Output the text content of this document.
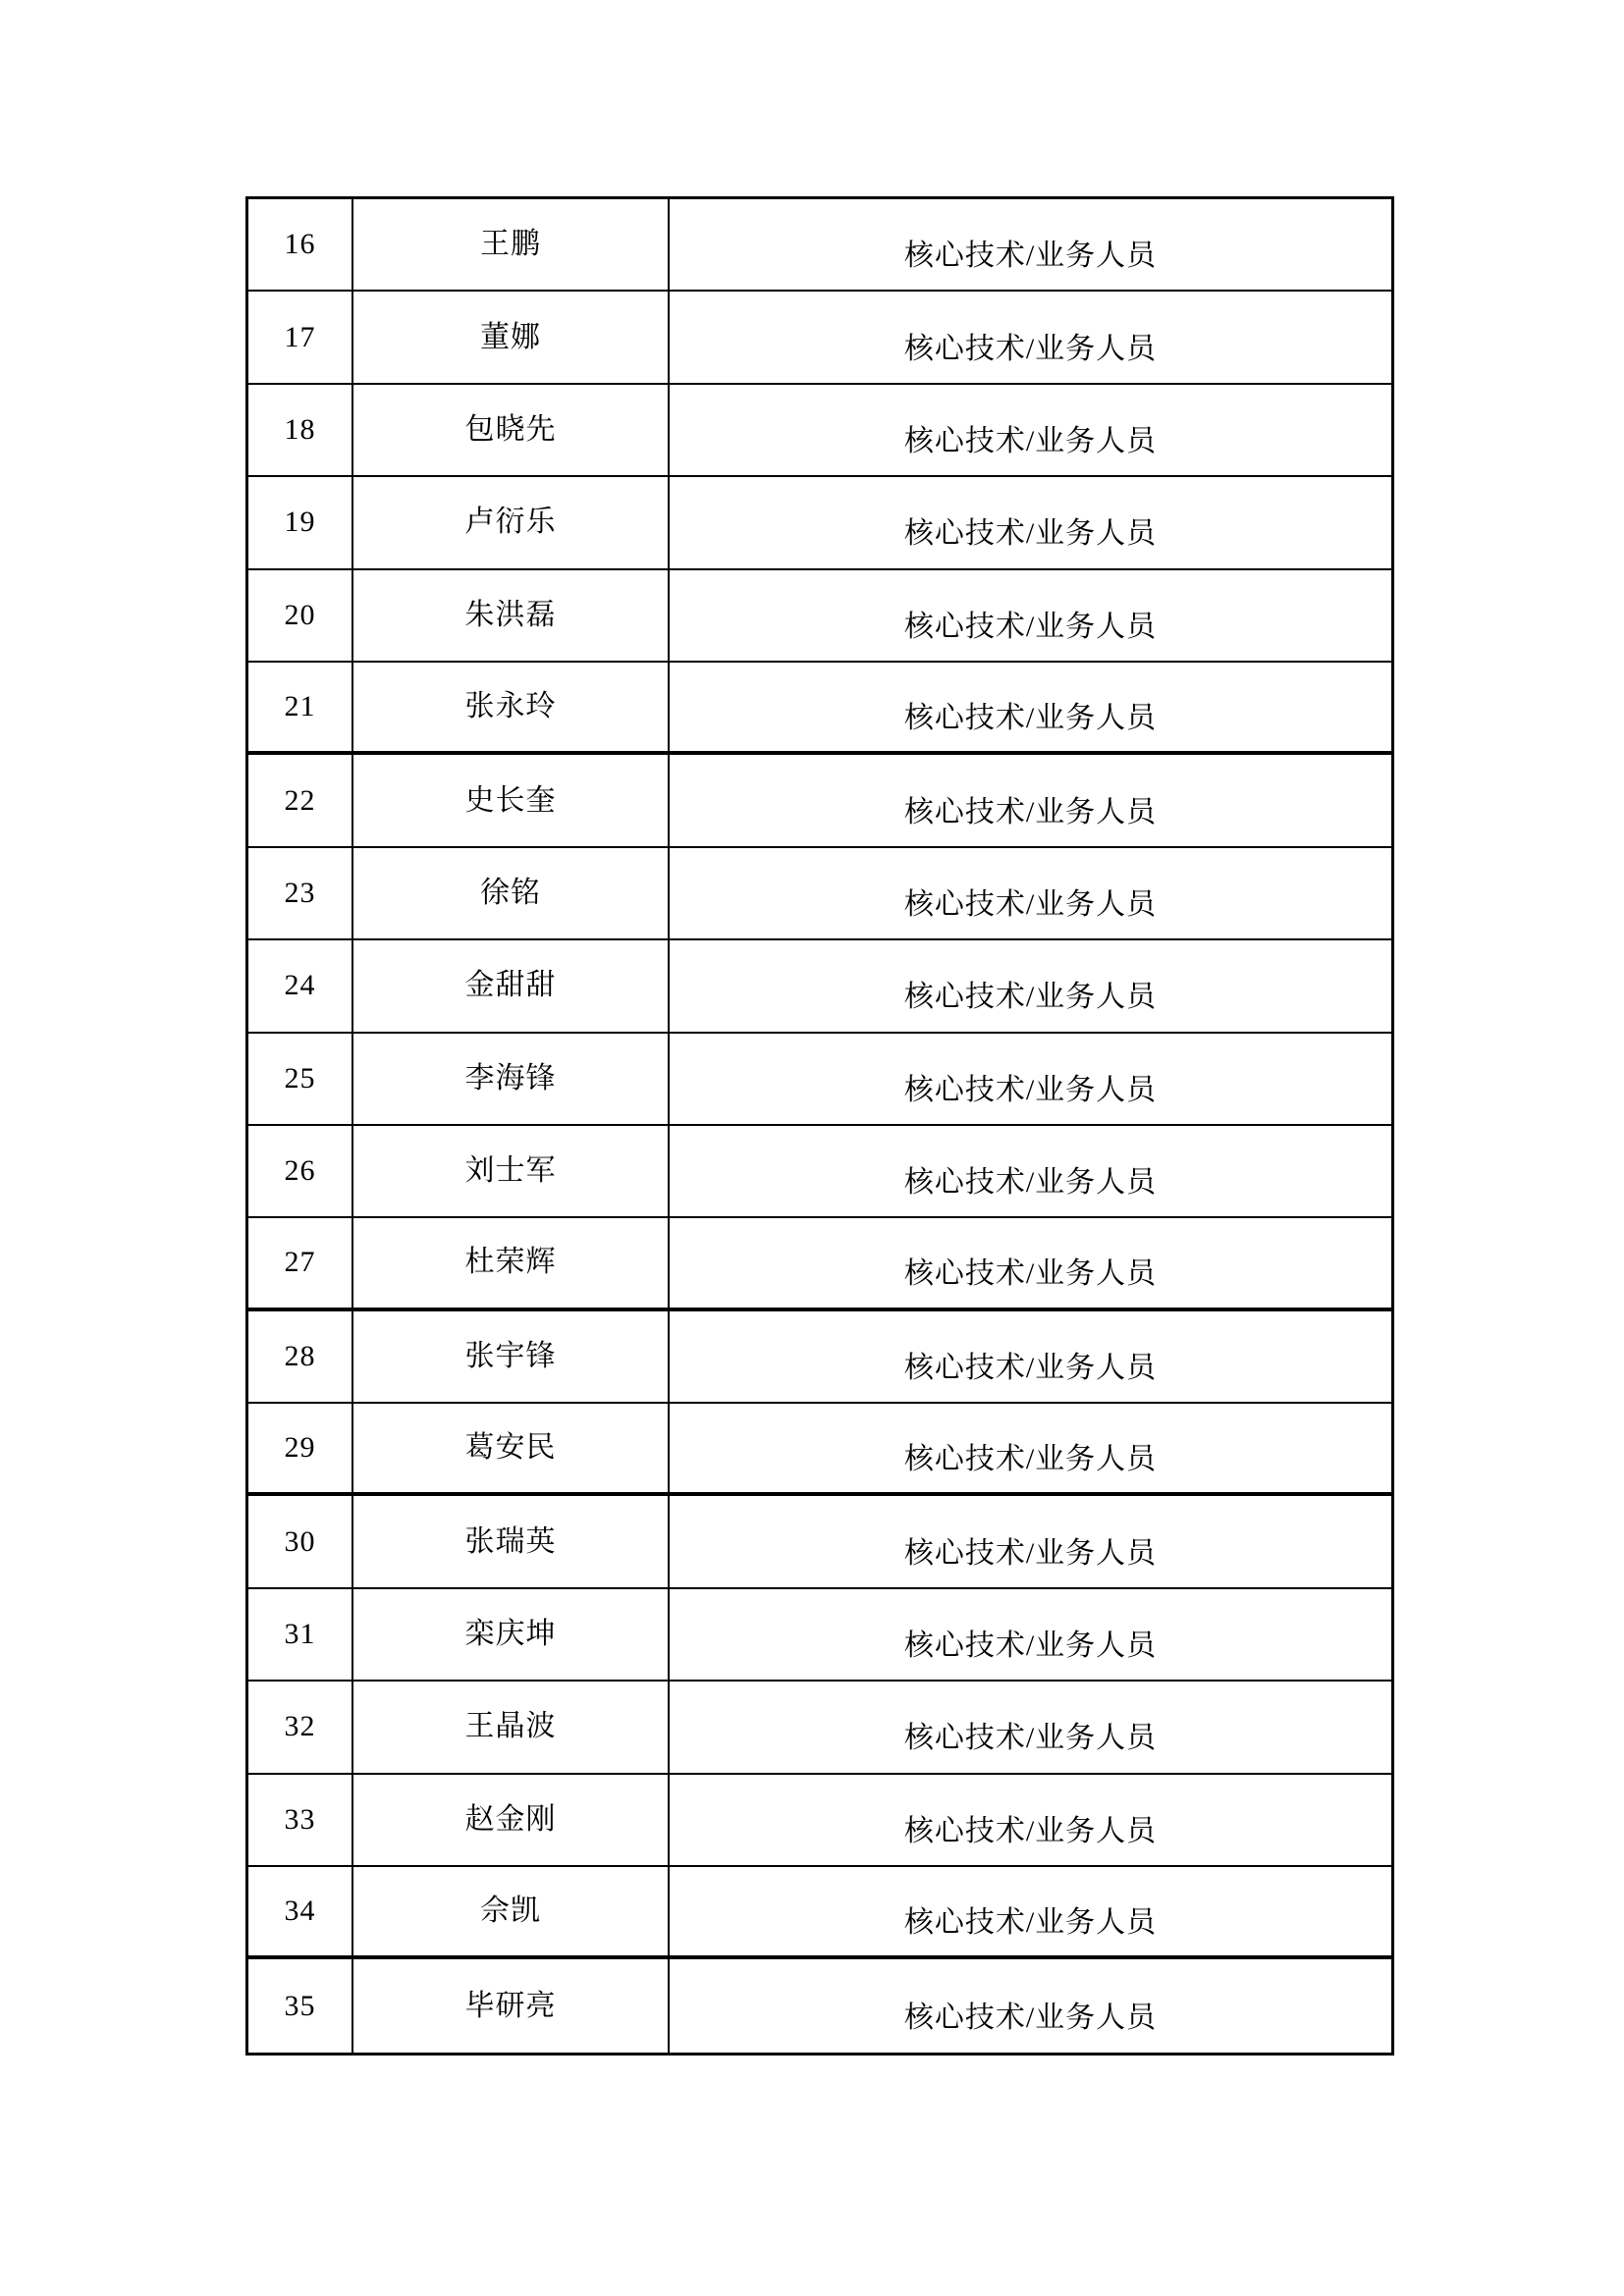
16	王鹏	核心技术/业务人员
17	董娜	核心技术/业务人员
18	包晓先	核心技术/业务人员
19	卢衍乐	核心技术/业务人员
20	朱洪磊	核心技术/业务人员
21	张永玲	核心技术/业务人员
22	史长奎	核心技术/业务人员
23	徐铭	核心技术/业务人员
24	金甜甜	核心技术/业务人员
25	李海锋	核心技术/业务人员
26	刘士军	核心技术/业务人员
27	杜荣辉	核心技术/业务人员
28	张宇锋	核心技术/业务人员
29	葛安民	核心技术/业务人员
30	张瑞英	核心技术/业务人员
31	栾庆坤	核心技术/业务人员
32	王晶波	核心技术/业务人员
33	赵金刚	核心技术/业务人员
34	佘凯	核心技术/业务人员
35	毕研亮	核心技术/业务人员
